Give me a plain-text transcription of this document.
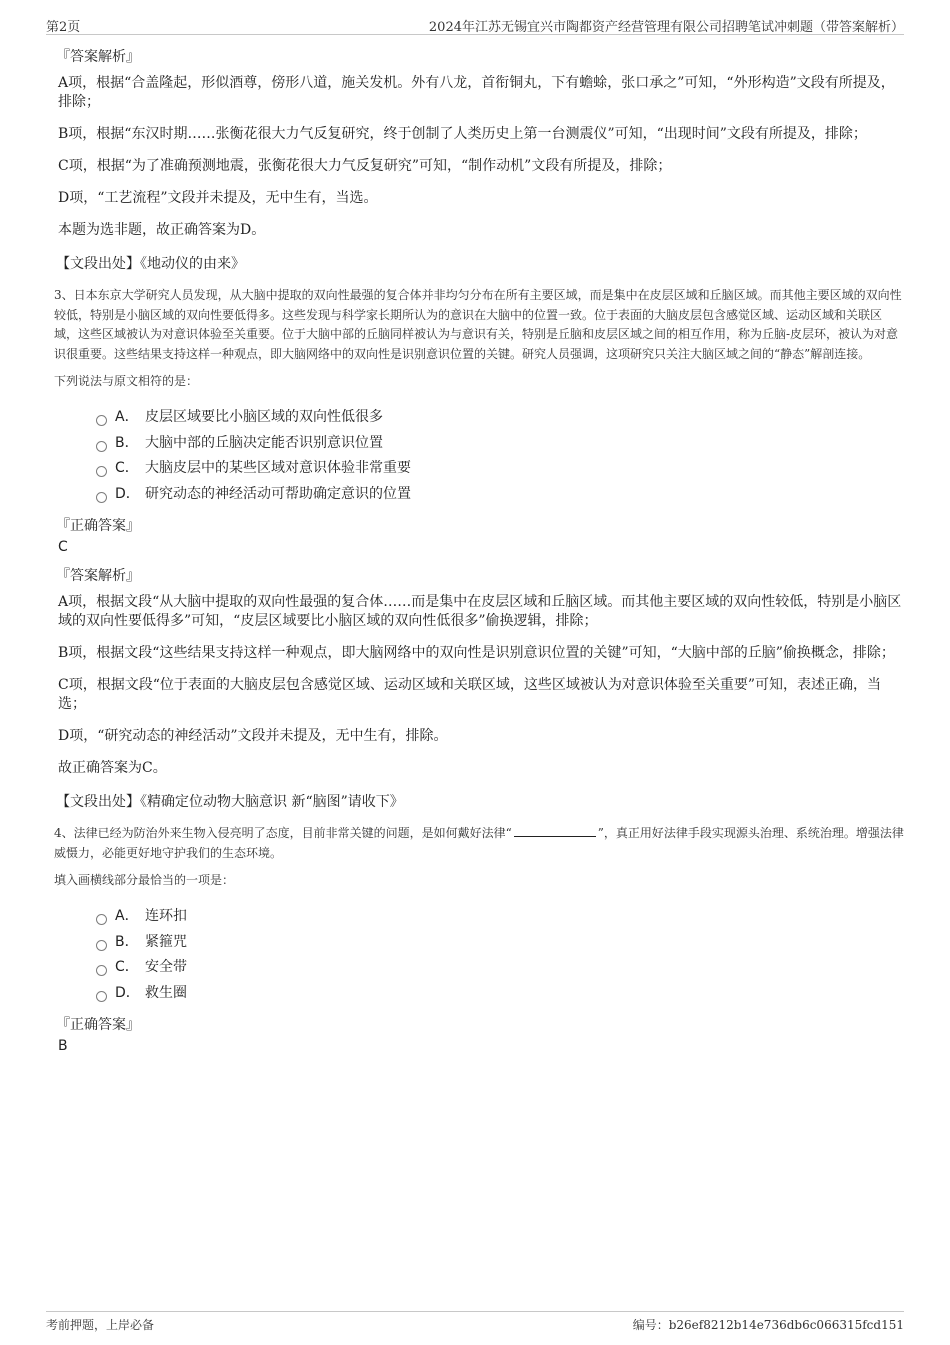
第2页	2024年江苏无锡宜兴市陶都资产经营管理有限公司招聘笔试冲刺题（带答案解析）
『答案解析』
A项，根据“合盖隆起，形似酒尊，傍形八道，施关发机。外有八龙，首衔铜丸，下有蟾蜍，张口承之”可知，“外形构造”文段有所提及，排除；
B项，根据“东汉时期……张衡花很大力气反复研究，终于创制了人类历史上第一台测震仪”可知，“出现时间”文段有所提及，排除；
C项，根据“为了准确预测地震，张衡花很大力气反复研究”可知，“制作动机”文段有所提及，排除；
D项，“工艺流程”文段并未提及，无中生有，当选。
本题为选非题，故正确答案为D。
【文段出处】《地动仪的由来》
3、日本东京大学研究人员发现，从大脑中提取的双向性最强的复合体并非均匀分布在所有主要区域，而是集中在皮层区域和丘脑区域。而其他主要区域的双向性较低，特别是小脑区域的双向性要低得多。这些发现与科学家长期所认为的意识在大脑中的位置一致。位于表面的大脑皮层包含感觉区域、运动区域和关联区域，这些区域被认为对意识体验至关重要。位于大脑中部的丘脑同样被认为与意识有关，特别是丘脑和皮层区域之间的相互作用，称为丘脑-皮层环，被认为对意识很重要。这些结果支持这样一种观点，即大脑网络中的双向性是识别意识位置的关键。研究人员强调，这项研究只关注大脑区域之间的“静态”解剖连接。
下列说法与原文相符的是：
A． 皮层区域要比小脑区域的双向性低很多
B． 大脑中部的丘脑决定能否识别意识位置
C． 大脑皮层中的某些区域对意识体验非常重要
D． 研究动态的神经活动可帮助确定意识的位置
『正确答案』
C
『答案解析』
A项，根据文段“从大脑中提取的双向性最强的复合体……而是集中在皮层区域和丘脑区域。而其他主要区域的双向性较低，特别是小脑区域的双向性要低得多”可知，“皮层区域要比小脑区域的双向性低很多”偷换逻辑，排除；
B项，根据文段“这些结果支持这样一种观点，即大脑网络中的双向性是识别意识位置的关键”可知，“大脑中部的丘脑”偷换概念，排除；
C项，根据文段“位于表面的大脑皮层包含感觉区域、运动区域和关联区域，这些区域被认为对意识体验至关重要”可知，表述正确，当选；
D项，“研究动态的神经活动”文段并未提及，无中生有，排除。
故正确答案为C。
【文段出处】《精确定位动物大脑意识 新“脑图”请收下》
4、法律已经为防治外来生物入侵亮明了态度，目前非常关键的问题，是如何戴好法律“	”，真正用好法律手段实现源头治理、系统治理。增强法律威慑力，必能更好地守护我们的生态环境。
填入画横线部分最恰当的一项是：
A． 连环扣
B． 紧箍咒
C． 安全带
D． 救生圈
『正确答案』
B
考前押题，上岸必备	编号：b26ef8212b14e736db6c066315fcd151
